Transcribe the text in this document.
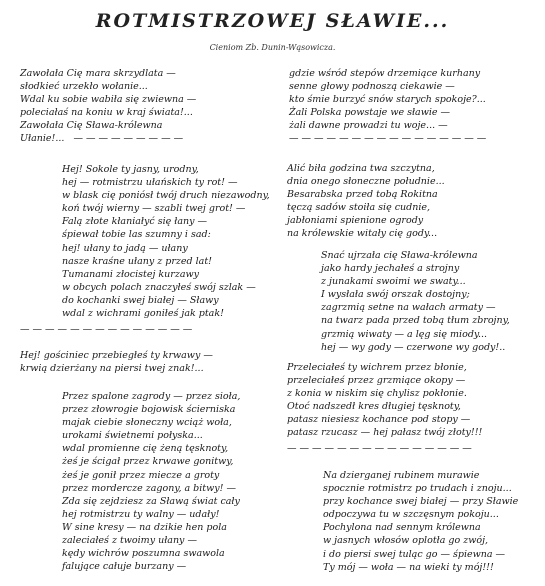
ROTMISTRZOWEJ SŁAWIE...
Cieniom Zb. Dunin-Wąsowicza.
Zawołała Cię mara skrzydlata —
słodkieć urzekło wołanie...
Wdal ku sobie wabiła się zwiewna —
poleciałaś na koniu w kraj świata!...
Zawołała Cię Sława-królewna
Ułanie!... — — — — — — — — —
Hej! Sokole ty jasny, urodny,
hej — rotmistrzu ułańskich ty rot! —
w blask cię poniósł twój druch niezawodny,
koń twój wierny — szabli twej grot! —
Falą złote kłaniałyć się łany —
śpiewał tobie las szumny i sad:
hej! ułany to jadą — ułany
nasze kraśne ułany z przed lat!
Tumanami złocistej kurzawy
w obcych polach znaczyłeś swój szlak —
do kochanki swej białej — Sławy
wdal z wichrami goniłeś jak ptak!
— — — — — — — — — — — — — —
Hej! gościniec przebiegłeś ty krwawy —
krwią dzierżany na piersi twej znak!...
Przez spalone zagrody — przez sioła,
przez złowrogie bojowisk ścierniska
majak ciebie słoneczny wciąż woła,
urokami świetnemi połyska...
wdal promienne cię żeną tęsknoty,
żeś je ścigał przez krwawe gonitwy,
żeś je gonił przez miecze a groty
przez mordercze zagony, a bitwy! —
Zda się zejdziesz za Sławą świat cały
hej rotmistrzu ty walny — udały!
W sine kresy — na dzikie hen pola
zaleciałeś z twoimy ułany —
kędy wichrów poszumna swawola
falujące całuje burzany —
gdzie wśród stepów drzemiące kurhany
senne głowy podnoszą ciekawie —
kto śmie burzyć snów starych spokoje?...
Żali Polska powstaje we sławie —
żali dawne prowadzi tu woje... —
— — — — — — — — — — — — — — — —
Alić biła godzina twa szczytna,
dnia onego słoneczne południe...
Besarabska przed tobą Rokitna
tęczą sadów stoiła się cudnie,
jabłoniami spienione ogrody
na królewskie witały cię gody...
Snać ujrzała cię Sława-królewna
jako hardy jechałeś a strojny
z junakami swoimi we swaty...
I wysłała swój orszak dostojny;
zagrzmią setne na wałach armaty —
na twarz pada przed tobą tłum zbrojny,
grzmią wiwaty — a lęg się miody...
hej — wy gody — czerwone wy gody!..
Przeleciałeś ty wichrem przez błonie,
przeleciałeś przez grzmiące okopy —
z konia w niskim się chylisz pokłonie.
Otoć nadszedł kres długiej tęsknoty,
patasz niesiesz kochance pod stopy —
patasz rzucasz — hej pałasz twój złoty!!!
— — — — — — — — — — — — — — —
Na dzierganej rubinem murawie
spocznie rotmistrz po trudach i znoju...
przy kochance swej białej — przy Sławie
odpoczywa tu w szczęsnym pokoju...
Pochylona nad sennym królewna
w jasnych włosów oplotła go zwój,
i do piersi swej tuląc go — śpiewna —
Ty mój — woła — na wieki ty mój!!!
